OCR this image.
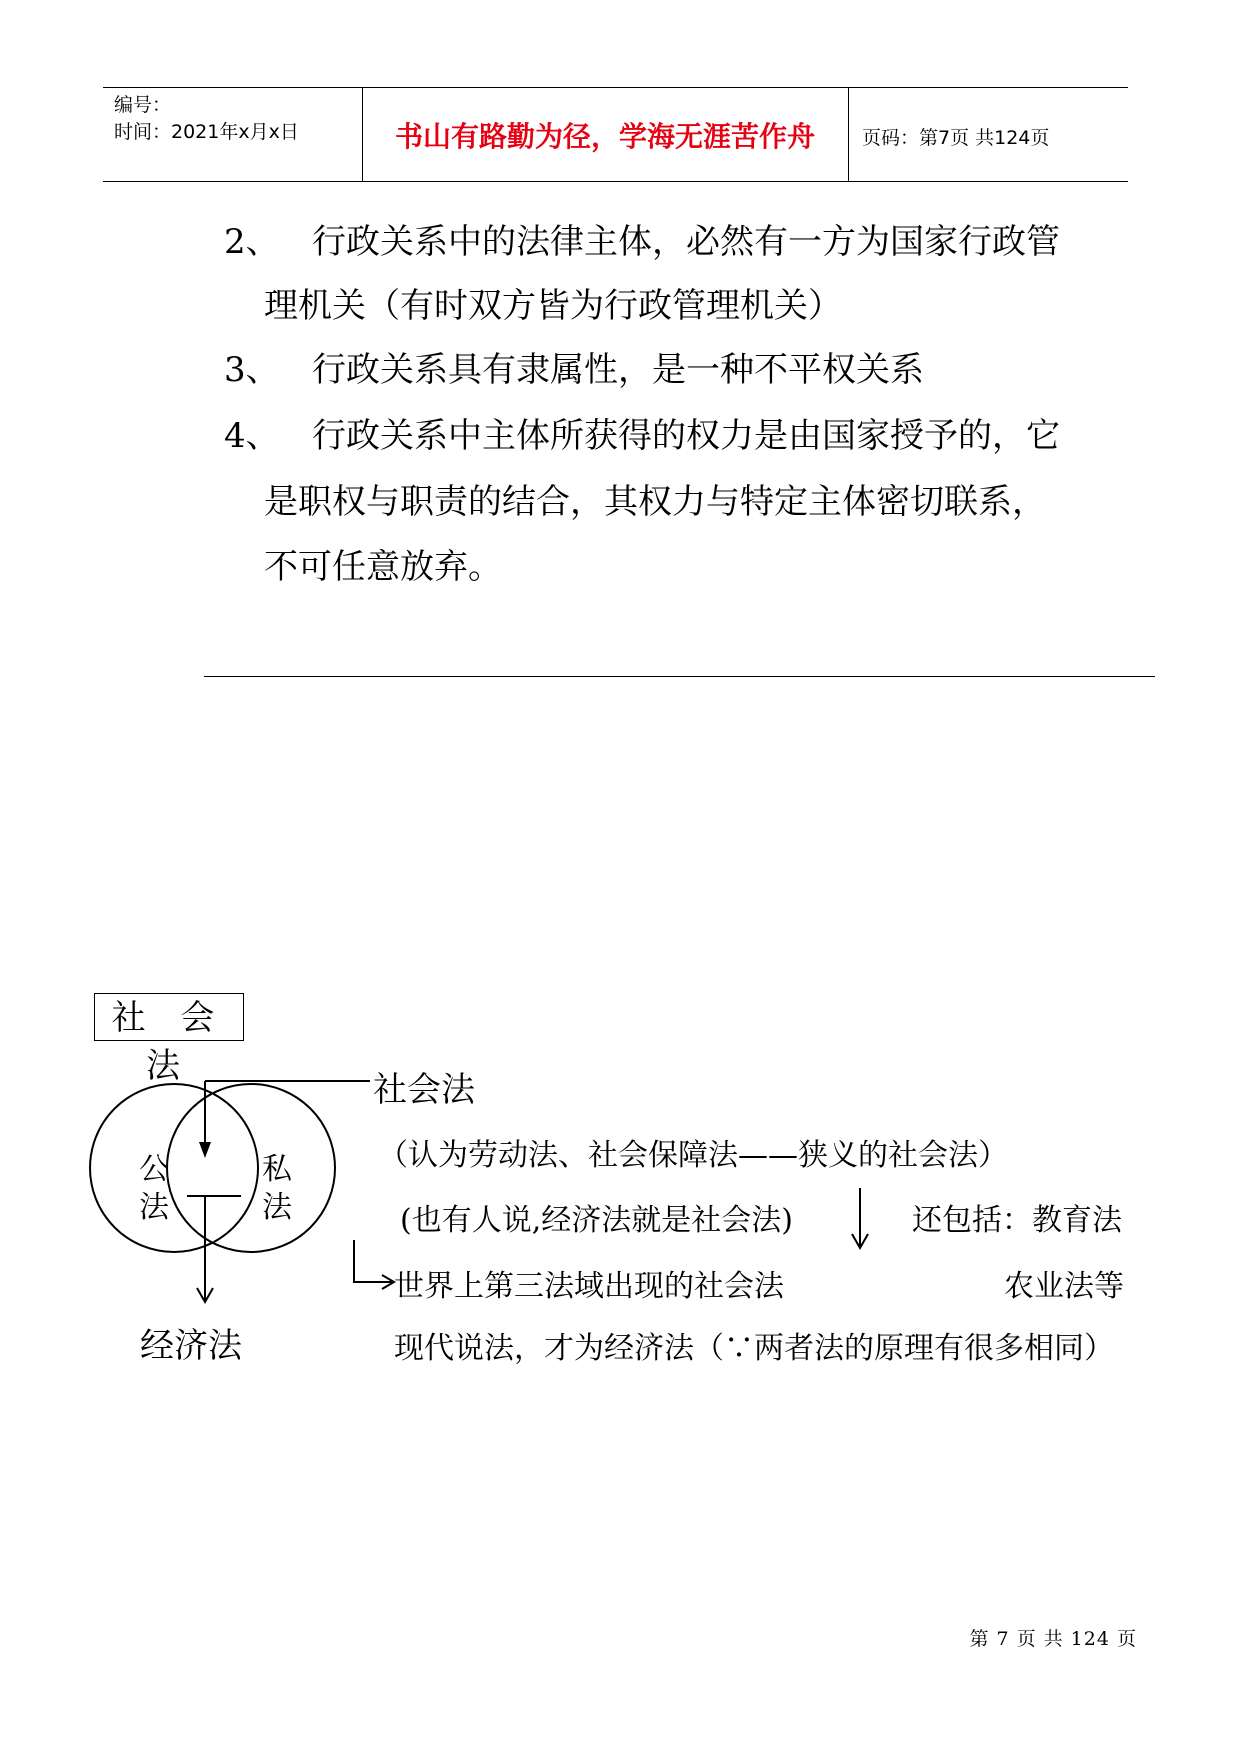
编号：
时间：2021年x月x日	书山有路勤为径，学海无涯苦作舟	页码：第7页 共124页
2、 行政关系中的法律主体，必然有一方为国家行政管
理机关（有时双方皆为行政管理机关）
3、 行政关系具有隶属性，是一种不平权关系
4、 行政关系中主体所获得的权力是由国家授予的，它
是职权与职责的结合，其权力与特定主体密切联系，
不可任意放弃。
社 会 法
社会法
公
法
私
法
经济法
（认为劳动法、社会保障法——狭义的社会法）
(也有人说,经济法就是社会法)	还包括：教育法
世界上第三法域出现的社会法	农业法等
现代说法，才为经济法（∵两者法的原理有很多相同）
第 7 页 共 124 页
